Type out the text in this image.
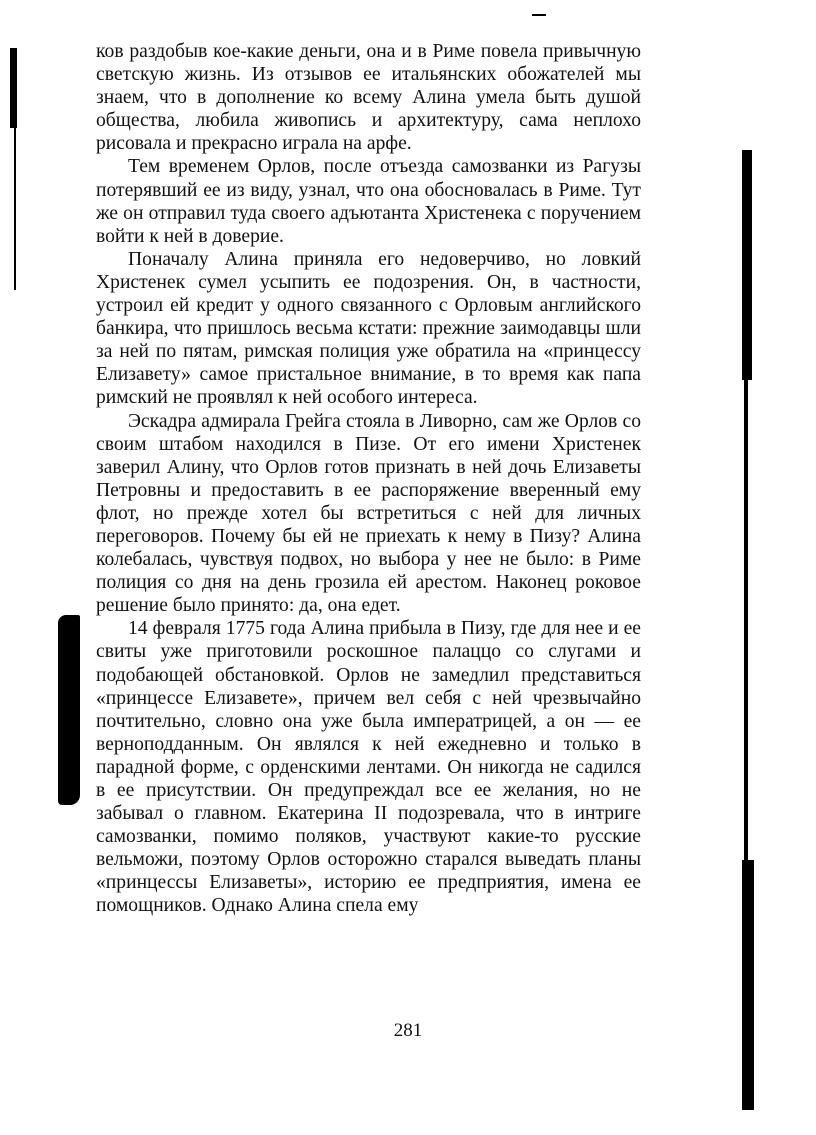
ков раздобыв кое-какие деньги, она и в Риме повела привычную светскую жизнь. Из отзывов ее итальянских обожателей мы знаем, что в дополнение ко всему Алина умела быть душой общества, любила живопись и архитектуру, сама неплохо рисовала и прекрасно играла на арфе.

Тем временем Орлов, после отъезда самозванки из Рагузы потерявший ее из виду, узнал, что она обосновалась в Риме. Тут же он отправил туда своего адъютанта Христенека с поручением войти к ней в доверие.

Поначалу Алина приняла его недоверчиво, но ловкий Христенек сумел усыпить ее подозрения. Он, в частности, устроил ей кредит у одного связанного с Орловым английского банкира, что пришлось весьма кстати: прежние заимодавцы шли за ней по пятам, римская полиция уже обратила на «принцессу Елизавету» самое пристальное внимание, в то время как папа римский не проявлял к ней особого интереса.

Эскадра адмирала Грейга стояла в Ливорно, сам же Орлов со своим штабом находился в Пизе. От его имени Христенек заверил Алину, что Орлов готов признать в ней дочь Елизаветы Петровны и предоставить в ее распоряжение вверенный ему флот, но прежде хотел бы встретиться с ней для личных переговоров. Почему бы ей не приехать к нему в Пизу? Алина колебалась, чувствуя подвох, но выбора у нее не было: в Риме полиция со дня на день грозила ей арестом. Наконец роковое решение было принято: да, она едет.

14 февраля 1775 года Алина прибыла в Пизу, где для нее и ее свиты уже приготовили роскошное палаццо со слугами и подобающей обстановкой. Орлов не замедлил представиться «принцессе Елизавете», причем вел себя с ней чрезвычайно почтительно, словно она уже была императрицей, а он — ее верноподданным. Он являлся к ней ежедневно и только в парадной форме, с орденскими лентами. Он никогда не садился в ее присутствии. Он предупреждал все ее желания, но не забывал о главном. Екатерина II подозревала, что в интриге самозванки, помимо поляков, участвуют какие-то русские вельможи, поэтому Орлов осторожно старался выведать планы «принцессы Елизаветы», историю ее предприятия, имена ее помощников. Однако Алина спела ему

281
